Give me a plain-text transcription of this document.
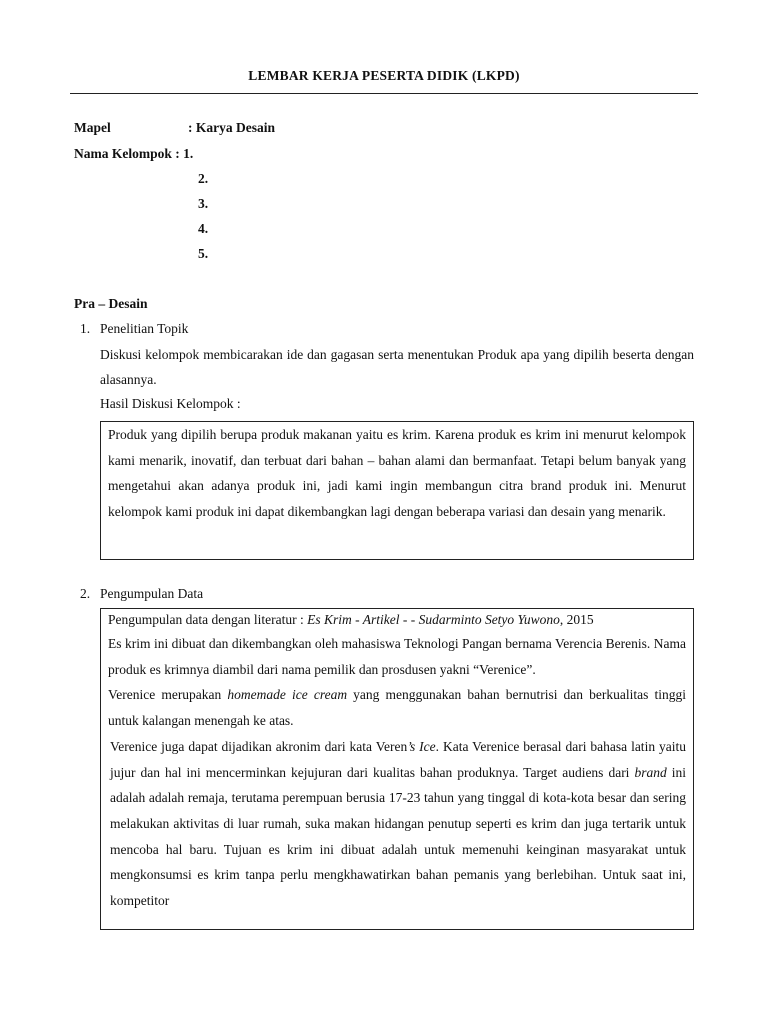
LEMBAR KERJA PESERTA DIDIK (LKPD)
Mapel	: Karya Desain
Nama Kelompok : 1.
2.
3.
4.
5.
Pra – Desain
1. Penelitian Topik
Diskusi kelompok membicarakan ide dan gagasan serta menentukan Produk apa yang dipilih beserta dengan alasannya.
Hasil Diskusi Kelompok :

Produk yang dipilih berupa produk makanan yaitu es krim. Karena produk es krim ini menurut kelompok kami menarik, inovatif, dan terbuat dari bahan – bahan alami dan bermanfaat. Tetapi belum banyak yang mengetahui akan adanya produk ini, jadi kami ingin membangun citra brand produk ini. Menurut kelompok kami produk ini dapat dikembangkan lagi dengan beberapa variasi dan desain yang menarik.

2. Pengumpulan Data
Pengumpulan data dengan literatur : Es Krim - Artikel - - Sudarminto Setyo Yuwono, 2015
Es krim ini dibuat dan dikembangkan oleh mahasiswa Teknologi Pangan bernama Verencia Berenis. Nama produk es krimnya diambil dari nama pemilik dan prosdusen yakni “Verenice”.
Verenice merupakan homemade ice cream yang menggunakan bahan bernutrisi dan berkualitas tinggi untuk kalangan menengah ke atas.
Verenice juga dapat dijadikan akronim dari kata Veren’s Ice. Kata Verenice berasal dari bahasa latin yaitu jujur dan hal ini mencerminkan kejujuran dari kualitas bahan produknya. Target audiens dari brand ini adalah adalah remaja, terutama perempuan berusia 17-23 tahun yang tinggal di kota-kota besar dan sering melakukan aktivitas di luar rumah, suka makan hidangan penutup seperti es krim dan juga tertarik untuk mencoba hal baru. Tujuan es krim ini dibuat adalah untuk memenuhi keinginan masyarakat untuk mengkonsumsi es krim tanpa perlu mengkhawatirkan bahan pemanis yang berlebihan. Untuk saat ini, kompetitor
